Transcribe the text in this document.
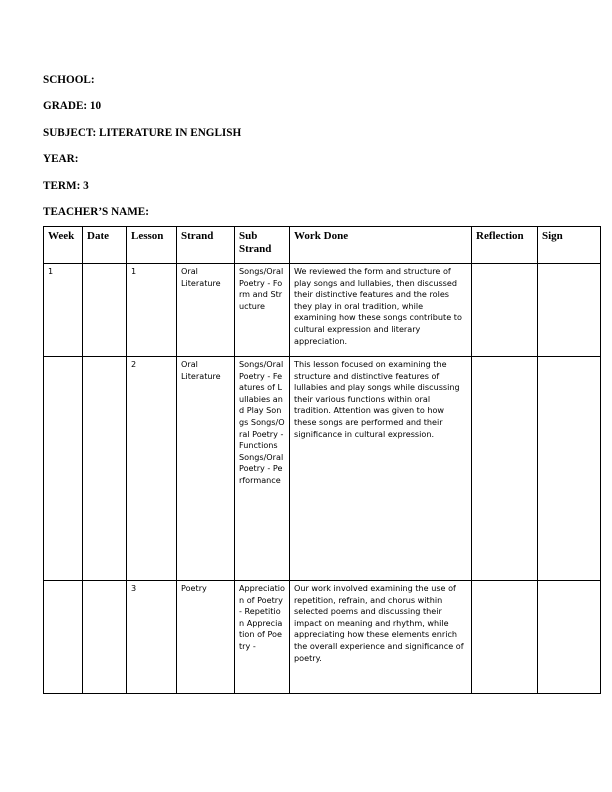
SCHOOL:
GRADE: 10
SUBJECT: LITERATURE IN ENGLISH
YEAR:
TERM: 3
TEACHER’S NAME:
Week	Date	Lesson	Strand	Sub Strand	Work Done	Reflection	Sign
1		1	Oral Literature	Songs/Oral Poetry - Form and Structure	We reviewed the form and structure of play songs and lullabies, then discussed their distinctive features and the roles they play in oral tradition, while examining how these songs contribute to cultural expression and literary appreciation.		
		2	Oral Literature	Songs/Oral Poetry - Features of Lullabies and Play Songs Songs/Oral Poetry - Functions Songs/Oral Poetry - Performance	This lesson focused on examining the structure and distinctive features of lullabies and play songs while discussing their various functions within oral tradition. Attention was given to how these songs are performed and their significance in cultural expression.		
		3	Poetry	Appreciation of Poetry - Repetition Appreciation of Poetry -	Our work involved examining the use of repetition, refrain, and chorus within selected poems and discussing their impact on meaning and rhythm, while appreciating how these elements enrich the overall experience and significance of poetry.		
